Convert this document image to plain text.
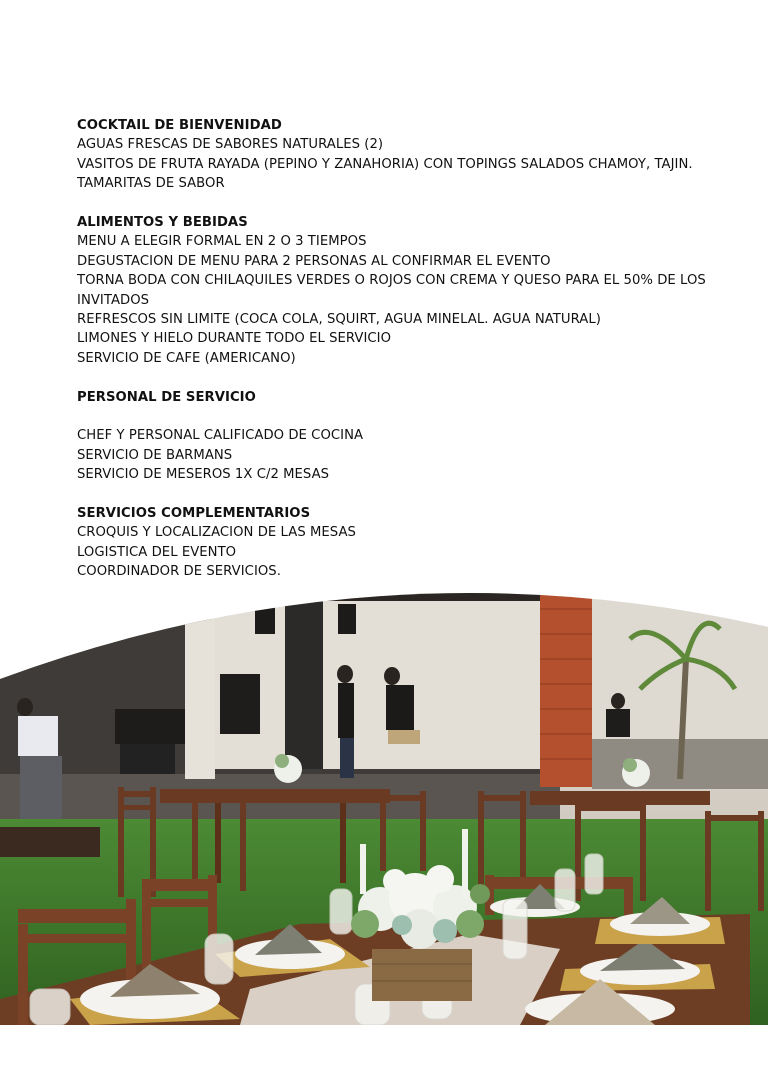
COCKTAIL DE BIENVENIDAD
AGUAS FRESCAS DE SABORES NATURALES (2)
VASITOS DE FRUTA RAYADA (PEPINO Y ZANAHORIA) CON TOPINGS SALADOS CHAMOY, TAJIN.
TAMARITAS DE SABOR
ALIMENTOS Y BEBIDAS
MENU A ELEGIR FORMAL EN 2 O 3 TIEMPOS
DEGUSTACION DE MENU PARA 2 PERSONAS AL CONFIRMAR EL EVENTO
TORNA BODA CON CHILAQUILES VERDES O ROJOS CON CREMA Y QUESO PARA EL 50% DE LOS INVITADOS
REFRESCOS SIN LIMITE (COCA COLA, SQUIRT, AGUA MINELAL. AGUA NATURAL)
LIMONES Y HIELO DURANTE TODO EL SERVICIO
SERVICIO DE CAFE (AMERICANO)
PERSONAL DE SERVICIO
CHEF Y PERSONAL CALIFICADO DE COCINA
SERVICIO DE BARMANS
SERVICIO DE MESEROS 1X C/2 MESAS
SERVICIOS COMPLEMENTARIOS
CROQUIS Y LOCALIZACION DE LAS MESAS
LOGISTICA DEL EVENTO
COORDINADOR DE SERVICIOS.
